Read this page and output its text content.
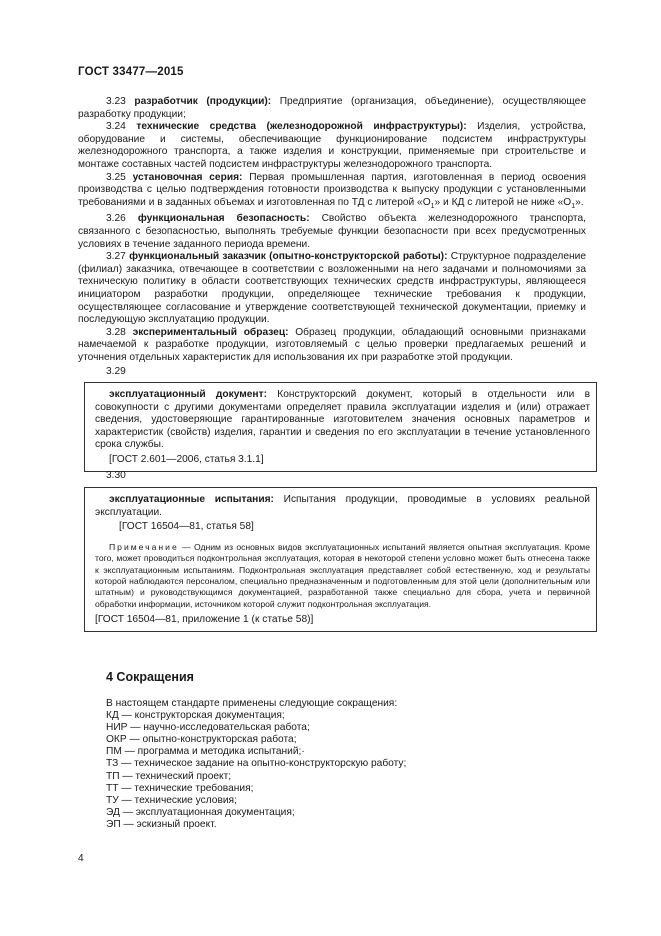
ГОСТ 33477—2015

3.23 разработчик (продукции): Предприятие (организация, объединение), осуществляющее разработку продукции;

3.24 технические средства (железнодорожной инфраструктуры): Изделия, устройства, оборудование и системы, обеспечивающие функционирование подсистем инфраструктуры железнодорожного транспорта, а также изделия и конструкции, применяемые при строительстве и монтаже составных частей подсистем инфраструктуры железнодорожного транспорта.

3.25 установочная серия: Первая промышленная партия, изготовленная в период освоения производства с целью подтверждения готовности производства к выпуску продукции с установленными требованиями и в заданных объемах и изготовленная по ТД с литерой «$О_1$» и КД с литерой не ниже «$О_1$».

3.26 функциональная безопасность: Свойство объекта железнодорожного транспорта, связанного с безопасностью, выполнять требуемые функции безопасности при всех предусмотренных условиях в течение заданного периода времени.

3.27 функциональный заказчик (опытно-конструкторской работы): Структурное подразделение (филиал) заказчика, отвечающее в соответствии с возложенными на него задачами и полномочиями за техническую политику в области соответствующих технических средств инфраструктуры, являющееся инициатором разработки продукции, определяющее технические требования к продукции, осуществляющее согласование и утверждение соответствующей технической документации, приемку и последующую эксплуатацию продукции.

3.28 экспериментальный образец: Образец продукции, обладающий основными признаками намечаемой к разработке продукции, изготовляемый с целью проверки предлагаемых решений и уточнения отдельных характеристик для использования их при разработке этой продукции.

3.29

эксплуатационный документ: Конструкторский документ, который в отдельности или в совокупности с другими документами определяет правила эксплуатации изделия и (или) отражает сведения, удостоверяющие гарантированные изготовителем значения основных параметров и характеристик (свойств) изделия, гарантии и сведения по его эксплуатации в течение установленного срока службы.

[ГОСТ 2.601—2006, статья 3.1.1]

3.30

эксплуатационные испытания: Испытания продукции, проводимые в условиях реальной эксплуатации.

[ГОСТ 16504—81, статья 58]

Примечание — Одним из основных видов эксплуатационных испытаний является опытная эксплуатация. Кроме того, может проводиться подконтрольная эксплуатация, которая в некоторой степени условно может быть отнесена также к эксплуатационным испытаниям. Подконтрольная эксплуатация представляет собой естественную, ход и результаты которой наблюдаются персоналом, специально предназначенным и подготовленным для этой цели (дополнительным или штатным) и руководствующимся документацией, разработанной также специально для сбора, учета и первичной обработки информации, источником которой служит подконтрольная эксплуатация.

[ГОСТ 16504—81, приложение 1 (к статье 58)]

4 Сокращения
В настоящем стандарте применены следующие сокращения:
КД — конструкторская документация;
НИР — научно-исследовательская работа;
ОКР — опытно-конструкторская работа;
ПМ — программа и методика испытаний;·
ТЗ — техническое задание на опытно-конструкторскую работу;
ТП — технический проект;
ТТ — технические требования;
ТУ — технические условия;
ЭД — эксплуатационная документация;
ЭП — эскизный проект.
4
